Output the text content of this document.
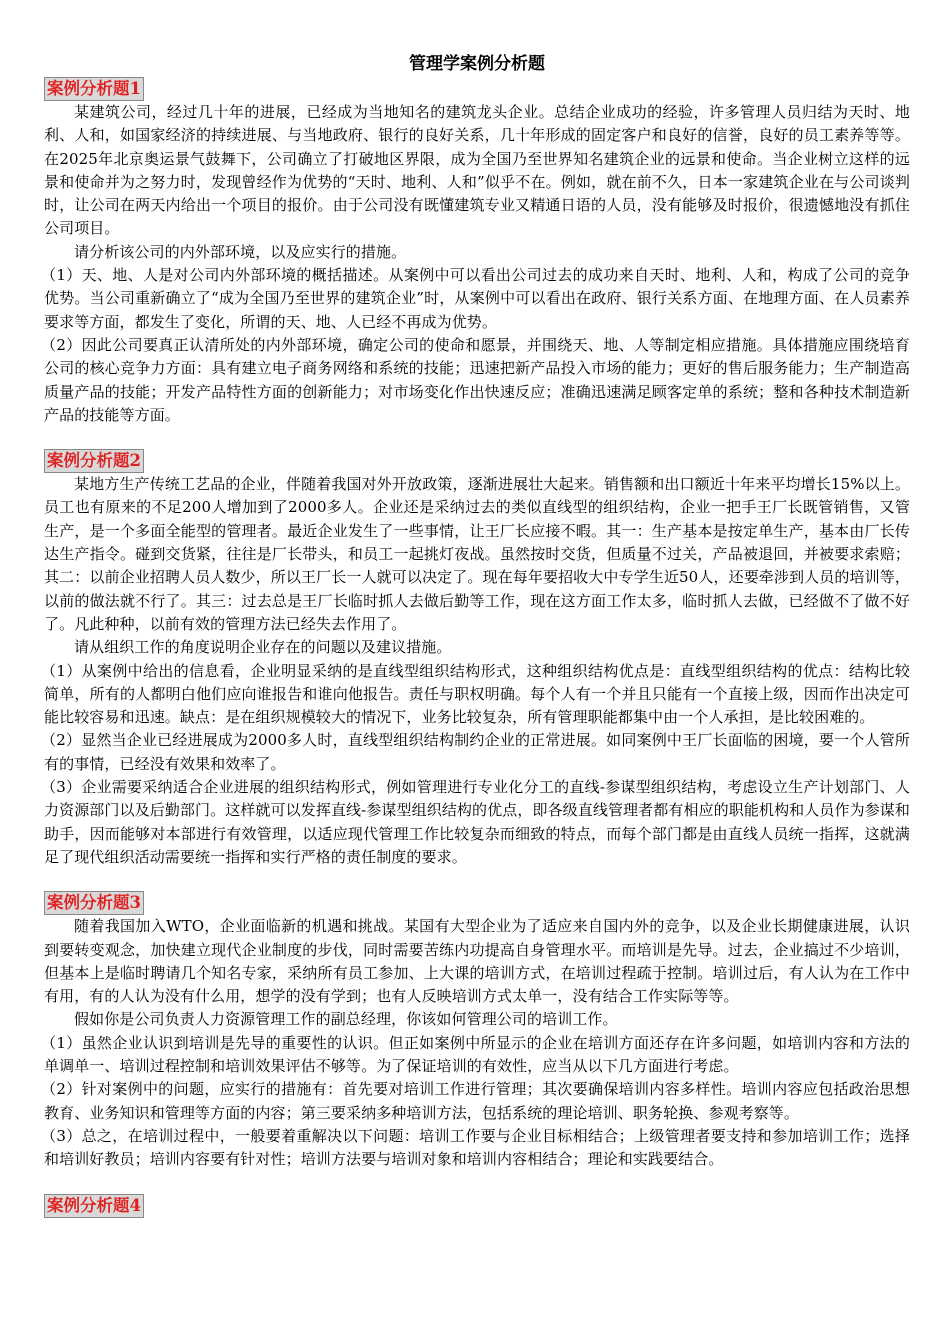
管理学案例分析题
案例分析题1

某建筑公司，经过几十年的进展，已经成为当地知名的建筑龙头企业。总结企业成功的经验，许多管理人员归结为天时、地利、人和，如国家经济的持续进展、与当地政府、银行的良好关系，几十年形成的固定客户和良好的信誉，良好的员工素养等等。在2025年北京奥运景气鼓舞下，公司确立了打破地区界限，成为全国乃至世界知名建筑企业的远景和使命。当企业树立这样的远景和使命并为之努力时，发现曾经作为优势的“天时、地利、人和”似乎不在。例如，就在前不久，日本一家建筑企业在与公司谈判时，让公司在两天内给出一个项目的报价。由于公司没有既懂建筑专业又精通日语的人员，没有能够及时报价，很遗憾地没有抓住公司项目。

请分析该公司的内外部环境，以及应实行的措施。

（1）天、地、人是对公司内外部环境的概括描述。从案例中可以看出公司过去的成功来自天时、地利、人和，构成了公司的竞争优势。当公司重新确立了“成为全国乃至世界的建筑企业”时，从案例中可以看出在政府、银行关系方面、在地理方面、在人员素养要求等方面，都发生了变化，所谓的天、地、人已经不再成为优势。

（2）因此公司要真正认清所处的内外部环境，确定公司的使命和愿景，并围绕天、地、人等制定相应措施。具体措施应围绕培育公司的核心竞争力方面：具有建立电子商务网络和系统的技能；迅速把新产品投入市场的能力；更好的售后服务能力；生产制造高质量产品的技能；开发产品特性方面的创新能力；对市场变化作出快速反应；准确迅速满足顾客定单的系统；整和各种技术制造新产品的技能等方面。

案例分析题2

某地方生产传统工艺品的企业，伴随着我国对外开放政策，逐渐进展壮大起来。销售额和出口额近十年来平均增长15%以上。员工也有原来的不足200人增加到了2000多人。企业还是采纳过去的类似直线型的组织结构，企业一把手王厂长既管销售，又管生产，是一个多面全能型的管理者。最近企业发生了一些事情，让王厂长应接不暇。其一：生产基本是按定单生产，基本由厂长传达生产指令。碰到交货紧，往往是厂长带头，和员工一起挑灯夜战。虽然按时交货，但质量不过关，产品被退回，并被要求索赔；其二：以前企业招聘人员人数少，所以王厂长一人就可以决定了。现在每年要招收大中专学生近50人，还要牵涉到人员的培训等，以前的做法就不行了。其三：过去总是王厂长临时抓人去做后勤等工作，现在这方面工作太多，临时抓人去做，已经做不了做不好了。凡此种种，以前有效的管理方法已经失去作用了。

请从组织工作的角度说明企业存在的问题以及建议措施。

（1）从案例中给出的信息看，企业明显采纳的是直线型组织结构形式，这种组织结构优点是：直线型组织结构的优点：结构比较简单，所有的人都明白他们应向谁报告和谁向他报告。责任与职权明确。每个人有一个并且只能有一个直接上级，因而作出决定可能比较容易和迅速。缺点：是在组织规模较大的情况下，业务比较复杂，所有管理职能都集中由一个人承担，是比较困难的。

（2）显然当企业已经进展成为2000多人时，直线型组织结构制约企业的正常进展。如同案例中王厂长面临的困境，要一个人管所有的事情，已经没有效果和效率了。

（3）企业需要采纳适合企业进展的组织结构形式，例如管理进行专业化分工的直线-参谋型组织结构，考虑设立生产计划部门、人力资源部门以及后勤部门。这样就可以发挥直线-参谋型组织结构的优点，即各级直线管理者都有相应的职能机构和人员作为参谋和助手，因而能够对本部进行有效管理，以适应现代管理工作比较复杂而细致的特点，而每个部门都是由直线人员统一指挥，这就满足了现代组织活动需要统一指挥和实行严格的责任制度的要求。

案例分析题3

随着我国加入WTO，企业面临新的机遇和挑战。某国有大型企业为了适应来自国内外的竞争，以及企业长期健康进展，认识到要转变观念，加快建立现代企业制度的步伐，同时需要苦练内功提高自身管理水平。而培训是先导。过去，企业搞过不少培训，但基本上是临时聘请几个知名专家，采纳所有员工参加、上大课的培训方式，在培训过程疏于控制。培训过后，有人认为在工作中有用，有的人认为没有什么用，想学的没有学到；也有人反映培训方式太单一，没有结合工作实际等等。

假如你是公司负责人力资源管理工作的副总经理，你该如何管理公司的培训工作。

（1）虽然企业认识到培训是先导的重要性的认识。但正如案例中所显示的企业在培训方面还存在许多问题，如培训内容和方法的单调单一、培训过程控制和培训效果评估不够等。为了保证培训的有效性，应当从以下几方面进行考虑。

（2）针对案例中的问题，应实行的措施有：首先要对培训工作进行管理；其次要确保培训内容多样性。培训内容应包括政治思想教育、业务知识和管理等方面的内容；第三要采纳多种培训方法，包括系统的理论培训、职务轮换、参观考察等。

（3）总之，在培训过程中，一般要着重解决以下问题：培训工作要与企业目标相结合；上级管理者要支持和参加培训工作；选择和培训好教员；培训内容要有针对性；培训方法要与培训对象和培训内容相结合；理论和实践要结合。

案例分析题4
